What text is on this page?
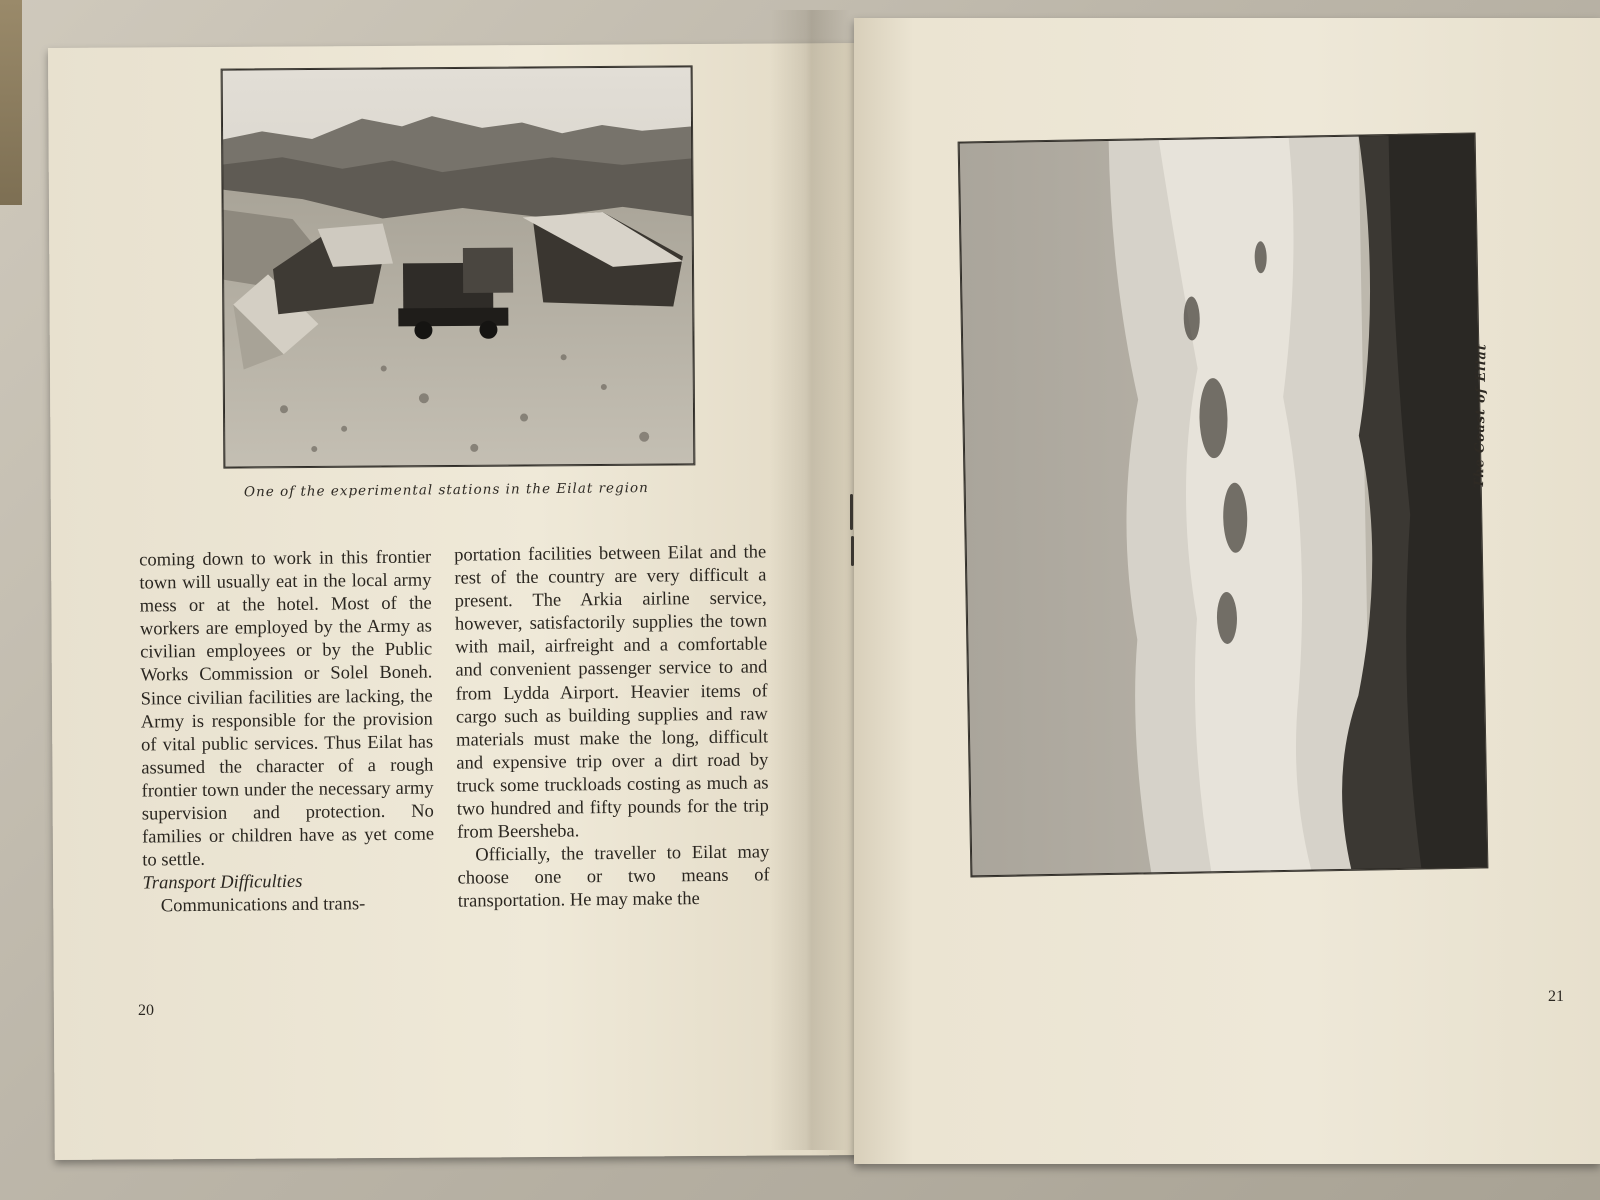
One of the experimental stations in the Eilat region

coming down to work in this frontier town will usually eat in the local army mess or at the hotel. Most of the workers are employed by the Army as civilian employees or by the Public Works Commission or Solel Boneh. Since civilian facilities are lacking, the Army is responsible for the provision of vital public services. Thus Eilat has assumed the character of a rough frontier town under the necessary army supervision and protection. No families or children have as yet come to settle.

Transport Difficulties

Communications and trans-

portation facilities between Eilat and the rest of the country are very difficult a present. The Arkia airline service, however, satisfactorily supplies the town with mail, airfreight and a comfortable and convenient passenger service to and from Lydda Airport. Heavier items of cargo such as building supplies and raw materials must make the long, difficult and expensive trip over a dirt road by truck some truckloads costing as much as two hundred and fifty pounds for the trip from Beersheba.

Officially, the traveller to Eilat may choose one or two means of transportation. He may make the

20
The Coast of Eilat
21
